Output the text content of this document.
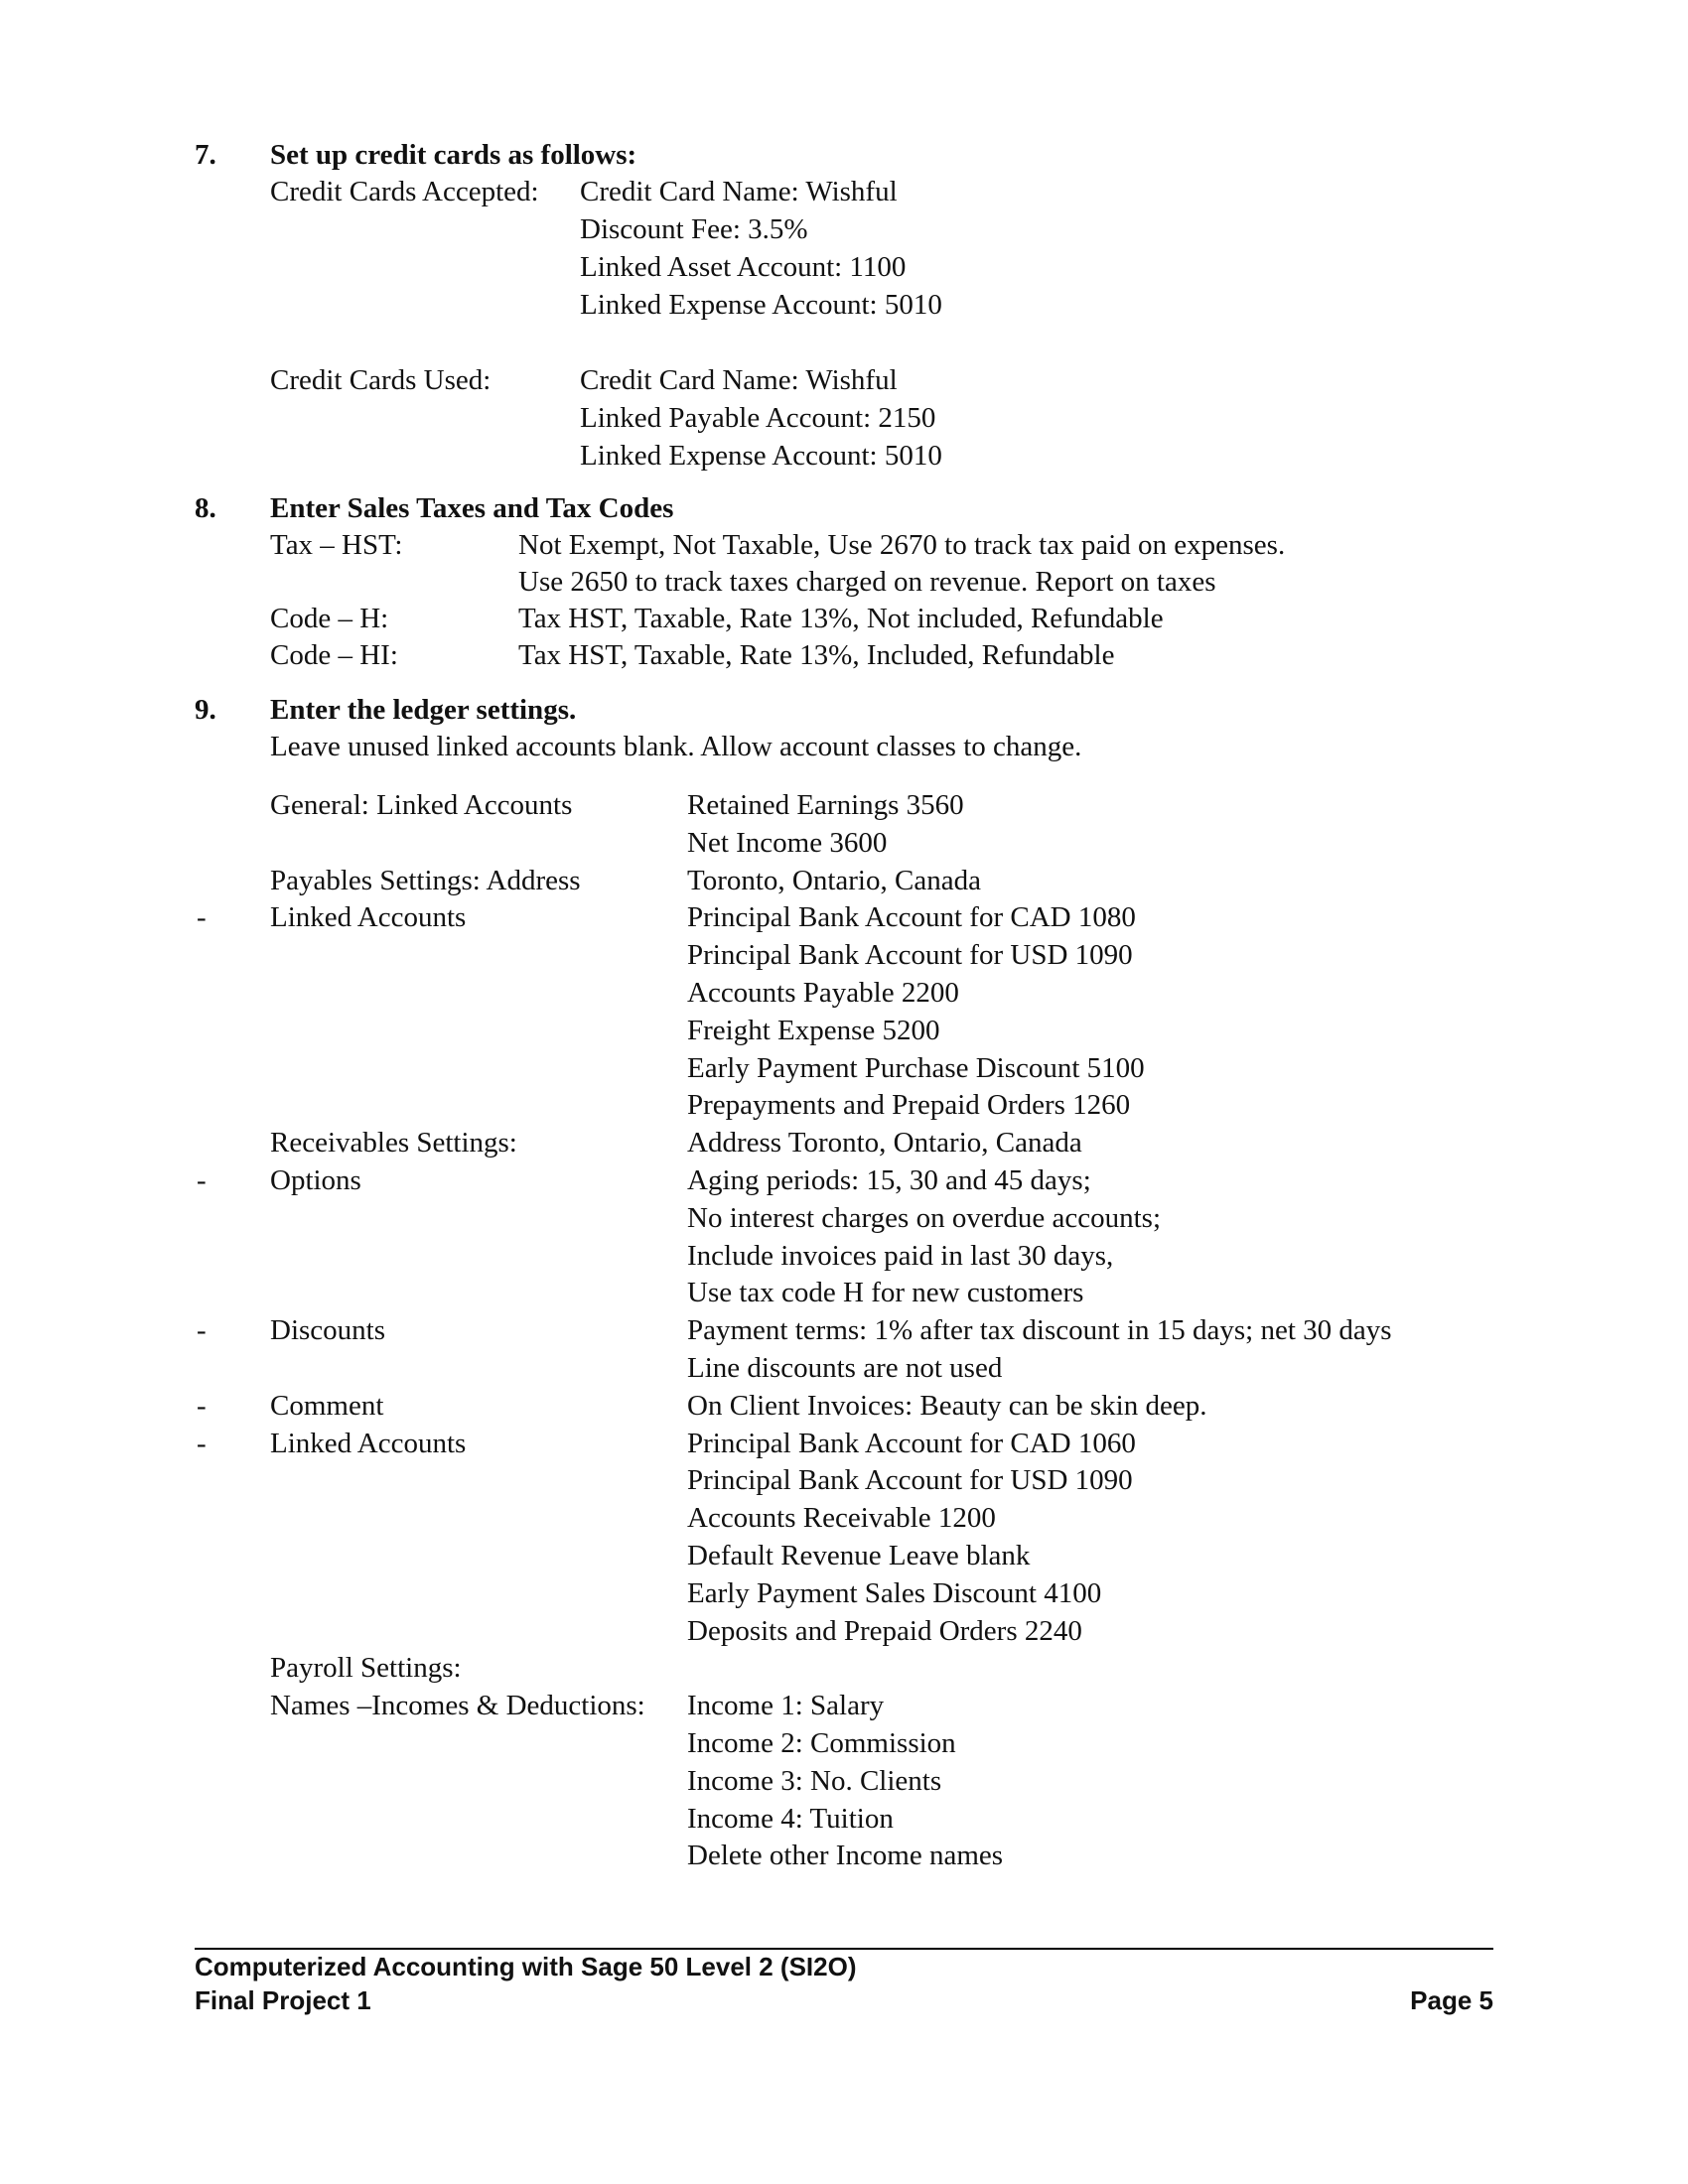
7. Set up credit cards as follows:
Credit Cards Accepted: Credit Card Name: Wishful
Discount Fee: 3.5%
Linked Asset Account: 1100
Linked Expense Account: 5010
Credit Cards Used:	Credit Card Name: Wishful
Linked Payable Account: 2150
Linked Expense Account: 5010
8. Enter Sales Taxes and Tax Codes
Tax – HST:	Not Exempt, Not Taxable, Use 2670 to track tax paid on expenses.
Use 2650 to track taxes charged on revenue. Report on taxes
Code – H:	Tax HST, Taxable, Rate 13%, Not included, Refundable
Code – HI:	Tax HST, Taxable, Rate 13%, Included, Refundable
9. Enter the ledger settings.
Leave unused linked accounts blank. Allow account classes to change.
General: Linked Accounts	Retained Earnings 3560
Net Income 3600
Payables Settings: Address	Toronto, Ontario, Canada
- Linked Accounts	Principal Bank Account for CAD 1080
Principal Bank Account for USD 1090
Accounts Payable 2200
Freight Expense 5200
Early Payment Purchase Discount 5100
Prepayments and Prepaid Orders 1260
Receivables Settings:	Address Toronto, Ontario, Canada
- Options	Aging periods: 15, 30 and 45 days;
No interest charges on overdue accounts;
Include invoices paid in last 30 days,
Use tax code H for new customers
- Discounts	Payment terms: 1% after tax discount in 15 days; net 30 days
Line discounts are not used
- Comment	On Client Invoices: Beauty can be skin deep.
- Linked Accounts	Principal Bank Account for CAD 1060
Principal Bank Account for USD 1090
Accounts Receivable 1200
Default Revenue Leave blank
Early Payment Sales Discount 4100
Deposits and Prepaid Orders 2240
Payroll Settings:
Names –Incomes & Deductions: Income 1: Salary
Income 2: Commission
Income 3: No. Clients
Income 4: Tuition
Delete other Income names
Computerized Accounting with Sage 50 Level 2 (SI2O)
Final Project 1	Page 5
